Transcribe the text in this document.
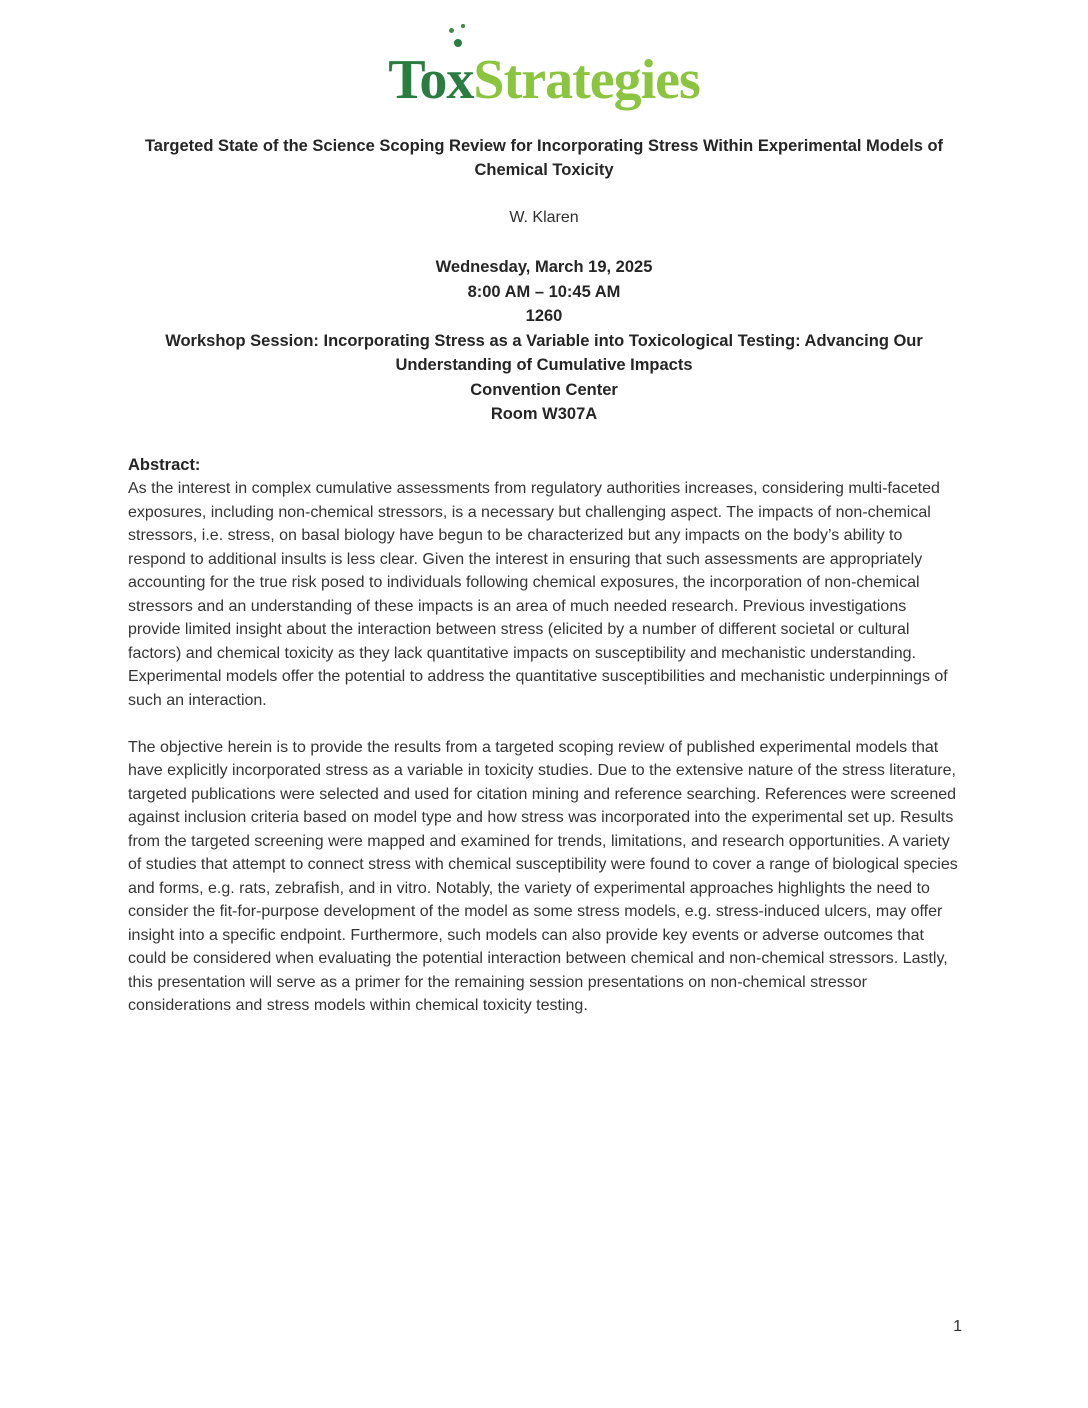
Tox
Strategies
Targeted State of the Science Scoping Review for Incorporating Stress Within Experimental Models of Chemical Toxicity
W. Klaren
Wednesday, March 19, 2025
8:00 AM – 10:45 AM
1260
Workshop Session: Incorporating Stress as a Variable into Toxicological Testing: Advancing Our Understanding of Cumulative Impacts
Convention Center
Room W307A
Abstract:

As the interest in complex cumulative assessments from regulatory authorities increases, considering multi-faceted exposures, including non-chemical stressors, is a necessary but challenging aspect. The impacts of non-chemical stressors, i.e. stress, on basal biology have begun to be characterized but any impacts on the body’s ability to respond to additional insults is less clear. Given the interest in ensuring that such assessments are appropriately accounting for the true risk posed to individuals following chemical exposures, the incorporation of non-chemical stressors and an understanding of these impacts is an area of much needed research. Previous investigations provide limited insight about the interaction between stress (elicited by a number of different societal or cultural factors) and chemical toxicity as they lack quantitative impacts on susceptibility and mechanistic understanding. Experimental models offer the potential to address the quantitative susceptibilities and mechanistic underpinnings of such an interaction.

The objective herein is to provide the results from a targeted scoping review of published experimental models that have explicitly incorporated stress as a variable in toxicity studies. Due to the extensive nature of the stress literature, targeted publications were selected and used for citation mining and reference searching. References were screened against inclusion criteria based on model type and how stress was incorporated into the experimental set up. Results from the targeted screening were mapped and examined for trends, limitations, and research opportunities. A variety of studies that attempt to connect stress with chemical susceptibility were found to cover a range of biological species and forms, e.g. rats, zebrafish, and in vitro. Notably, the variety of experimental approaches highlights the need to consider the fit-for-purpose development of the model as some stress models, e.g. stress-induced ulcers, may offer insight into a specific endpoint. Furthermore, such models can also provide key events or adverse outcomes that could be considered when evaluating the potential interaction between chemical and non-chemical stressors. Lastly, this presentation will serve as a primer for the remaining session presentations on non-chemical stressor considerations and stress models within chemical toxicity testing.

1
